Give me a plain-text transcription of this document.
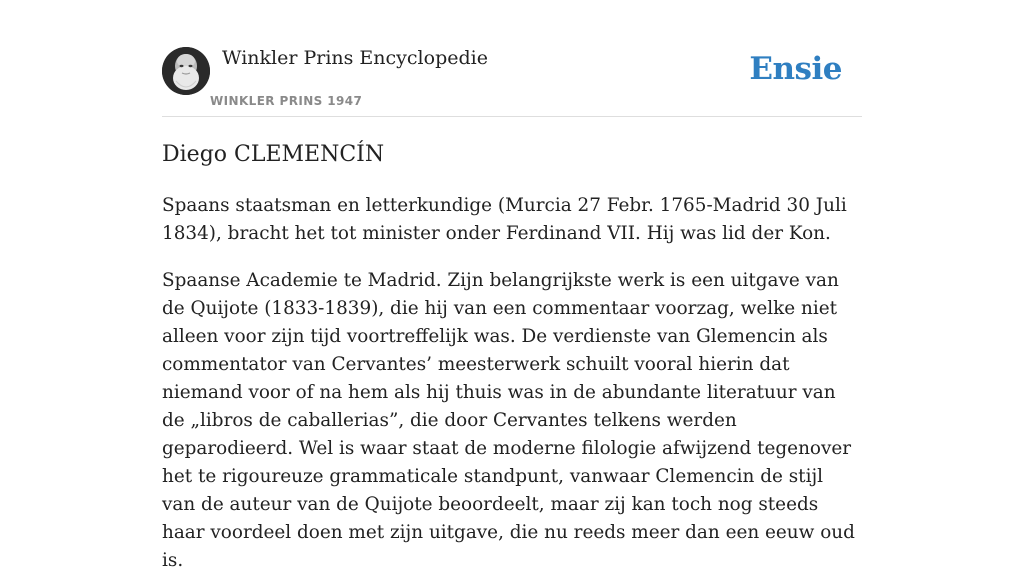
Winkler Prins Encyclopedie
WINKLER PRINS 1947
Ensie
Diego CLEMENCÍN

Spaans staatsman en letterkundige (Murcia 27 Febr. 1765-Madrid 30 Juli 1834), bracht het tot minister onder Ferdinand VII. Hij was lid der Kon.

Spaanse Academie te Madrid. Zijn belangrijkste werk is een uitgave van de Quijote (1833-1839), die hij van een commentaar voorzag, welke niet alleen voor zijn tijd voortreffelijk was. De verdienste van Glemencin als commentator van Cervantes’ meesterwerk schuilt vooral hierin dat niemand voor of na hem als hij thuis was in de abundante literatuur van de „libros de caballerias”, die door Cervantes telkens werden geparodieerd. Wel is waar staat de moderne filologie afwijzend tegenover het te rigoureuze grammaticale standpunt, vanwaar Clemencin de stijl van de auteur van de Quijote beoordeelt, maar zij kan toch nog steeds haar voordeel doen met zijn uitgave, die nu reeds meer dan een eeuw oud is.
